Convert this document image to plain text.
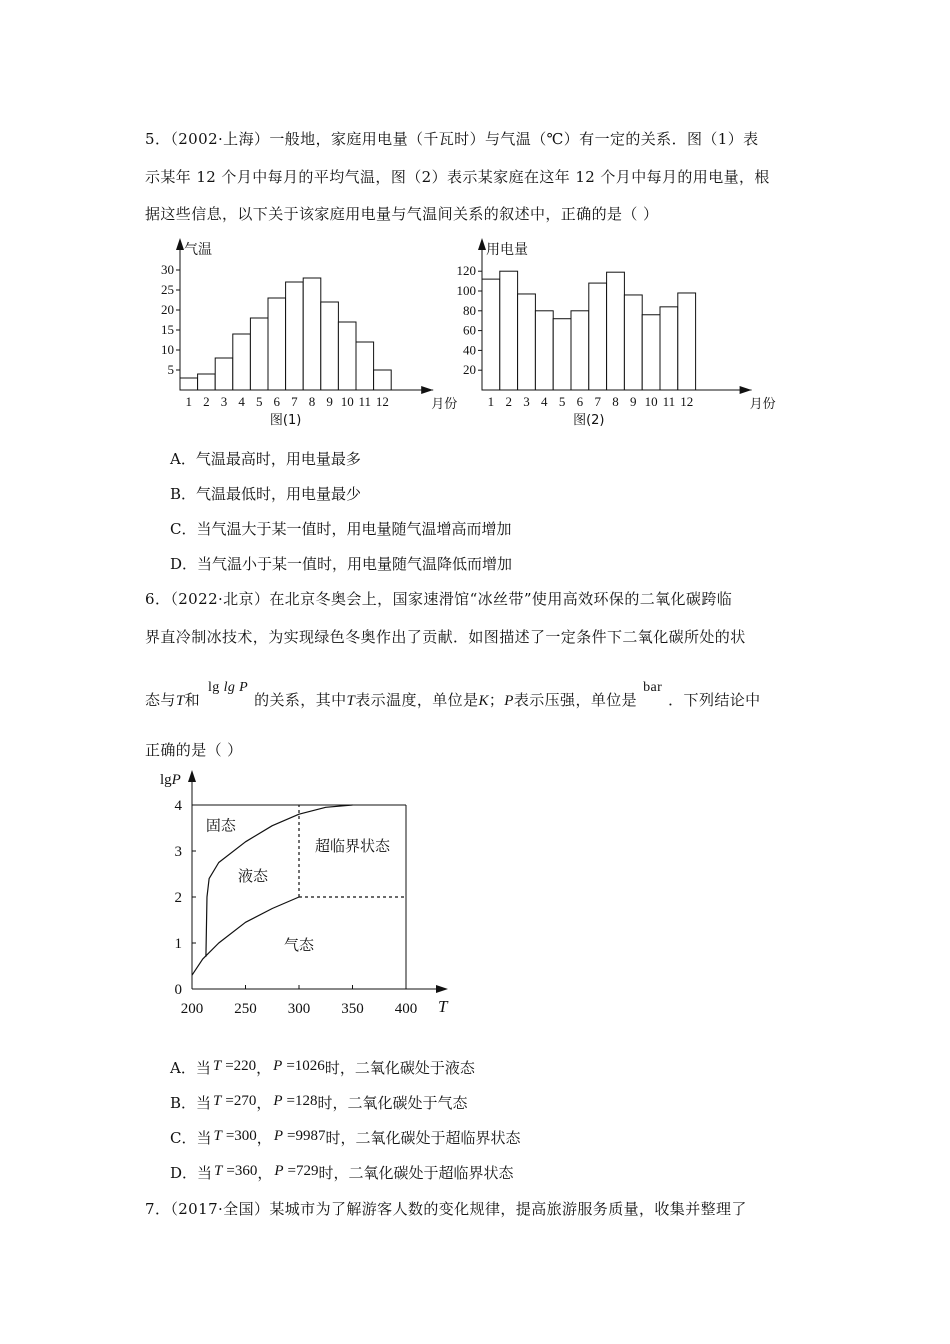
5．（2002·上海）一般地，家庭用电量（千瓦时）与气温（℃）有一定的关系．图（1）表
示某年 12 个月中每月的平均气温，图（2）表示某家庭在这年 12 个月中每月的用电量，根
据这些信息，以下关于该家庭用电量与气温间关系的叙述中，正确的是（ ）
气温
5
10
15
20
25
30
1 2 3 4 5 6 7 8 9 10 11 12	月份
图(1)
用电量
20
40
60
80
100
120
1 2 3 4 5 6 7 8 9 10 11 12	月份
图(2)
A．气温最高时，用电量最多
B．气温最低时，用电量最少
C．当气温大于某一值时，用电量随气温增高而增加
D．当气温小于某一值时，用电量随气温降低而增加
6．（2022·北京）在北京冬奥会上，国家速滑馆“冰丝带”使用高效环保的二氧化碳跨临
界直冷制冰技术，为实现绿色冬奥作出了贡献．如图描述了一定条件下二氧化碳所处的状
态与T和lg lg P的关系，其中T表示温度，单位是K；P表示压强，单位是bar．下列结论中
正确的是（ ）
lgP
T
0
1
2
3
4
200 250 300 350 400
固态
液态
超临界状态
气态
A．当 T =220， P =1026时，二氧化碳处于液态
B．当 T =270， P =128时，二氧化碳处于气态
C．当 T =300， P =9987时，二氧化碳处于超临界状态
D．当 T =360， P =729时，二氧化碳处于超临界状态
7．（2017·全国）某城市为了解游客人数的变化规律，提高旅游服务质量，收集并整理了
